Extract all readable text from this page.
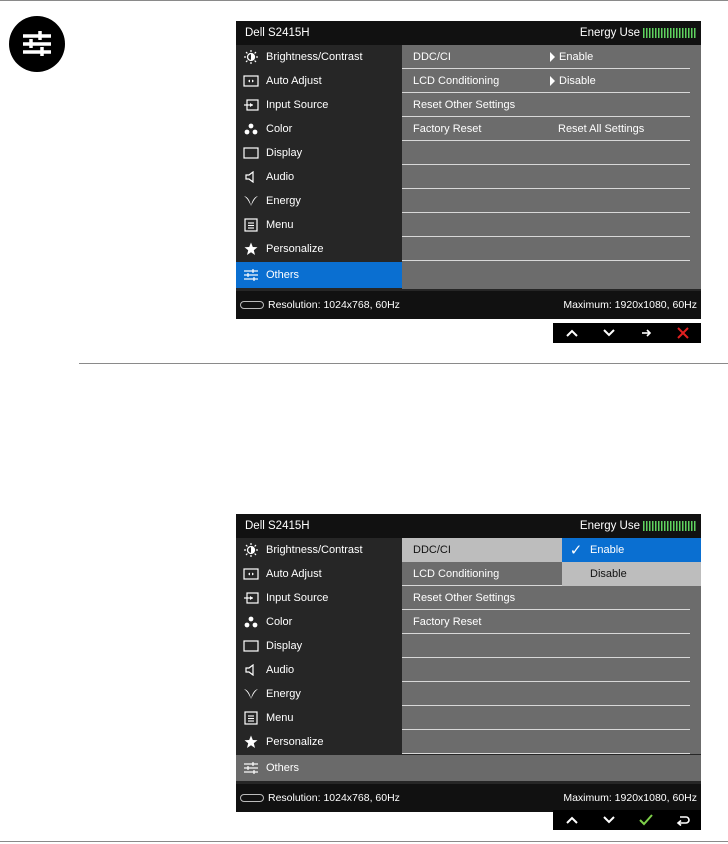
Dell S2415H	Energy Use
Brightness/Contrast
Auto Adjust
Input Source
Color
Display
Audio
Energy
Menu
Personalize
Others
DDC/CI	Enable
LCD Conditioning	Disable
Reset Other Settings
Factory Reset	Reset All Settings
Resolution: 1024x768, 60Hz	Maximum: 1920x1080, 60Hz
Dell S2415H	Energy Use
Brightness/Contrast
Auto Adjust
Input Source
Color
Display
Audio
Energy
Menu
Personalize
Others
DDC/CI
LCD Conditioning
Reset Other Settings
Factory Reset
✓ Enable
Disable
Resolution: 1024x768, 60Hz	Maximum: 1920x1080, 60Hz
